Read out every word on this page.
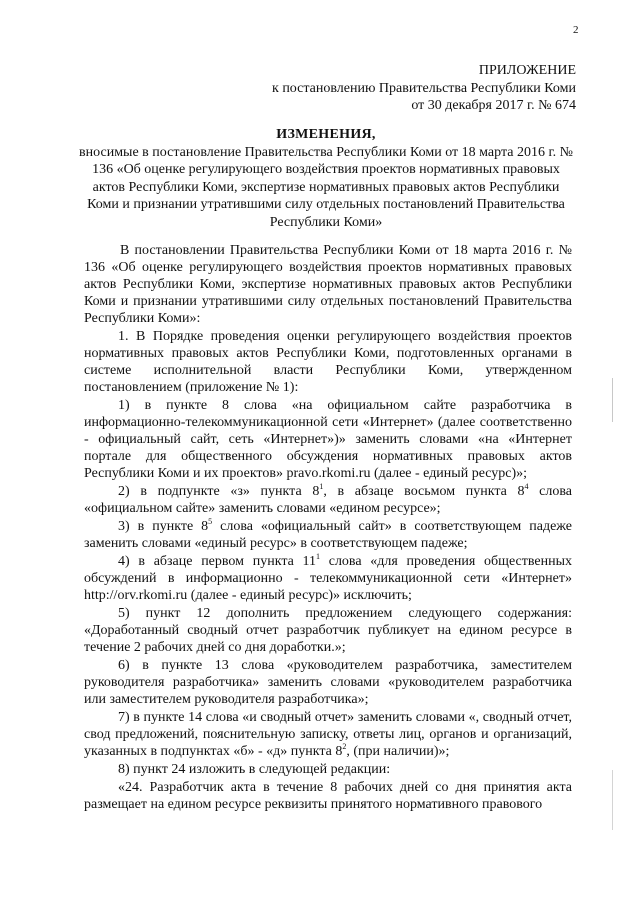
2
ПРИЛОЖЕНИЕ
к постановлению Правительства Республики Коми
от 30 декабря 2017 г. № 674
ИЗМЕНЕНИЯ,
вносимые в постановление Правительства Республики Коми от 18 марта 2016 г. № 136 «Об оценке регулирующего воздействия проектов нормативных правовых актов Республики Коми, экспертизе нормативных правовых актов Республики Коми и признании утратившими силу отдельных постановлений Правительства Республики Коми»

В постановлении Правительства Республики Коми от 18 марта 2016 г. № 136 «Об оценке регулирующего воздействия проектов нормативных правовых актов Республики Коми, экспертизе нормативных правовых актов Республики Коми и признании утратившими силу отдельных постановлений Правительства Республики Коми»:

1. В Порядке проведения оценки регулирующего воздействия проектов нормативных правовых актов Республики Коми, подготовленных органами в системе исполнительной власти Республики Коми, утвержденном постановлением (приложение № 1):

1) в пункте 8 слова «на официальном сайте разработчика в информационно-телекоммуникационной сети «Интернет» (далее соответственно - официальный сайт, сеть «Интернет»)» заменить словами «на «Интернет портале для общественного обсуждения нормативных правовых актов Республики Коми и их проектов» pravo.rkomi.ru (далее - единый ресурс)»;

2) в подпункте «з» пункта $8^1$, в абзаце восьмом пункта $8^4$ слова «официальном сайте» заменить словами «едином ресурсе»;

3) в пункте $8^5$ слова «официальный сайт» в соответствующем падеже заменить словами «единый ресурс» в соответствующем падеже;

4) в абзаце первом пункта $11^1$ слова «для проведения общественных обсуждений в информационно - телекоммуникационной сети «Интернет» http://orv.rkomi.ru (далее - единый ресурс)» исключить;

5) пункт 12 дополнить предложением следующего содержания: «Доработанный сводный отчет разработчик публикует на едином ресурсе в течение 2 рабочих дней со дня доработки.»;

6) в пункте 13 слова «руководителем разработчика, заместителем руководителя разработчика» заменить словами «руководителем разработчика или заместителем руководителя разработчика»;

7) в пункте 14 слова «и сводный отчет» заменить словами «, сводный отчет, свод предложений, пояснительную записку, ответы лиц, органов и организаций, указанных в подпунктах «б» - «д» пункта $8^2$, (при наличии)»;

8) пункт 24 изложить в следующей редакции:

«24. Разработчик акта в течение 8 рабочих дней со дня принятия акта размещает на едином ресурсе реквизиты принятого нормативного правового
